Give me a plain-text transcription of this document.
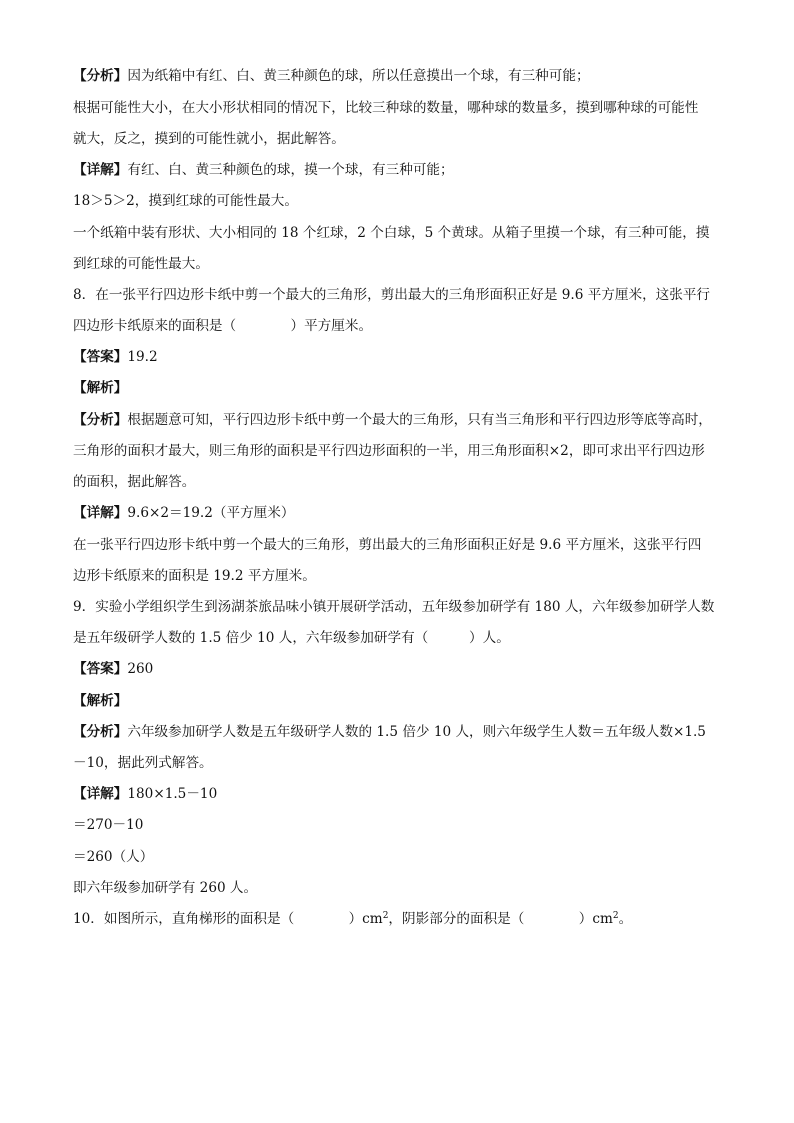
【分析】因为纸箱中有红、白、黄三种颜色的球，所以任意摸出一个球，有三种可能；
根据可能性大小，在大小形状相同的情况下，比较三种球的数量，哪种球的数量多，摸到哪种球的可能性
就大，反之，摸到的可能性就小，据此解答。
【详解】有红、白、黄三种颜色的球，摸一个球，有三种可能；
18＞5＞2，摸到红球的可能性最大。
一个纸箱中装有形状、大小相同的 18 个红球，2 个白球，5 个黄球。从箱子里摸一个球，有三种可能，摸
到红球的可能性最大。
8．在一张平行四边形卡纸中剪一个最大的三角形，剪出最大的三角形面积正好是 9.6 平方厘米，这张平行
四边形卡纸原来的面积是（　　　　）平方厘米。
【答案】19.2
【解析】
【分析】根据题意可知，平行四边形卡纸中剪一个最大的三角形，只有当三角形和平行四边形等底等高时，
三角形的面积才最大，则三角形的面积是平行四边形面积的一半，用三角形面积×2，即可求出平行四边形
的面积，据此解答。
【详解】9.6×2＝19.2（平方厘米）
在一张平行四边形卡纸中剪一个最大的三角形，剪出最大的三角形面积正好是 9.6 平方厘米，这张平行四
边形卡纸原来的面积是 19.2 平方厘米。
9．实验小学组织学生到汤湖茶旅品味小镇开展研学活动，五年级参加研学有 180 人，六年级参加研学人数
是五年级研学人数的 1.5 倍少 10 人，六年级参加研学有（　　　）人。
【答案】260
【解析】
【分析】六年级参加研学人数是五年级研学人数的 1.5 倍少 10 人，则六年级学生人数＝五年级人数×1.5
－10，据此列式解答。
【详解】180×1.5－10
＝270－10
＝260（人）
即六年级参加研学有 260 人。
10．如图所示，直角梯形的面积是（　　　　）$cm^2$，阴影部分的面积是（　　　　）$cm^2$。
